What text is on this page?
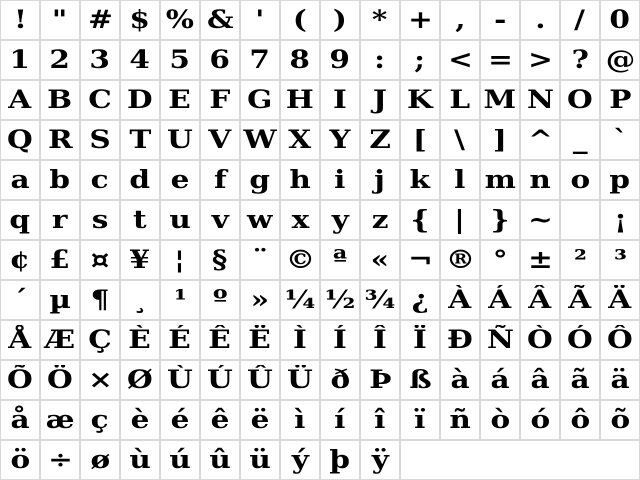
!	" # $ % & '	(	)	* + ,	-	.	/ 0
1 2 3 4 5 6 7 8 9 :	; < = > ? @
A B C D E F G H I	J K L M N O P
Q R S T U V W X Y Z [	\	] ^ _	`
a b c d e f g h i	j k l m n o p
q r s t u v w x y z {	|	} ~	¡
¢ £ ¤ ¥ ¦	§ ¨ © ª « ¬ ® ° ± ²	³
´ µ ¶ ¸	¹	º » ¼ ½ ¾ ¿ À Á Â Ã Ä
Å Æ Ç È É Ê Ë Ì	Í	Î	Ï Ð Ñ Ò Ó Ô
Õ Ö × Ø Ù Ú Û Ü ð Þ ß à á â ã ä
å æ ç è é ê ë	ì	í	î	ï ñ ò ó ô õ
ö ÷ ø ù ú û ü ý þ ÿ
